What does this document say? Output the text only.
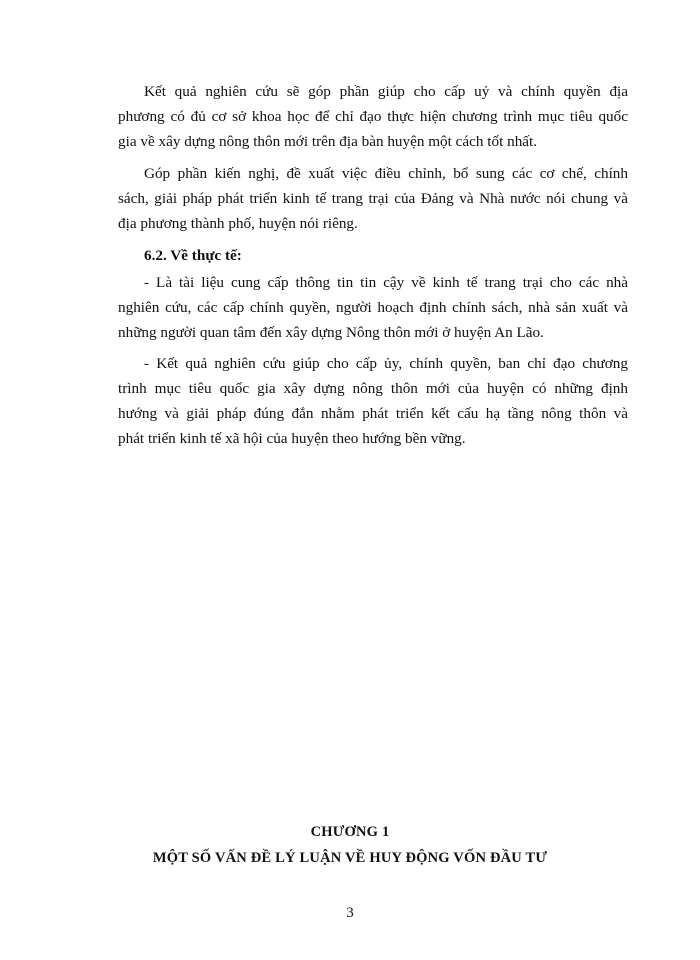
Kết quả nghiên cứu sẽ góp phần giúp cho cấp uỷ và chính quyền địa
phương có đủ cơ sở khoa học để chỉ đạo thực hiện chương trình mục tiêu quốc
gia về xây dựng nông thôn mới trên địa bàn huyện một cách tốt nhất.
Góp phần kiến nghị, đề xuất việc điều chỉnh, bổ sung các cơ chế, chính
sách, giải pháp phát triển kinh tế trang trại của Đảng và Nhà nước nói chung và
địa phương thành phố, huyện nói riêng.
6.2. Về thực tế:
- Là tài liệu cung cấp thông tin tin cậy về kinh tế trang trại cho các nhà
nghiên cứu, các cấp chính quyền, người hoạch định chính sách, nhà sản xuất và
những người quan tâm đến xây dựng Nông thôn mới ở huyện An Lão.
- Kết quả nghiên cứu giúp cho cấp ủy, chính quyền, ban chỉ đạo chương
trình mục tiêu quốc gia xây dựng nông thôn mới của huyện có những định
hướng và giải pháp đúng đắn nhằm phát triển kết cấu hạ tầng nông thôn và
phát triển kinh tế xã hội của huyện theo hướng bền vững.
CHƯƠNG 1
MỘT SỐ VẤN ĐỀ LÝ LUẬN VỀ HUY ĐỘNG VỐN ĐẦU TƯ
3
